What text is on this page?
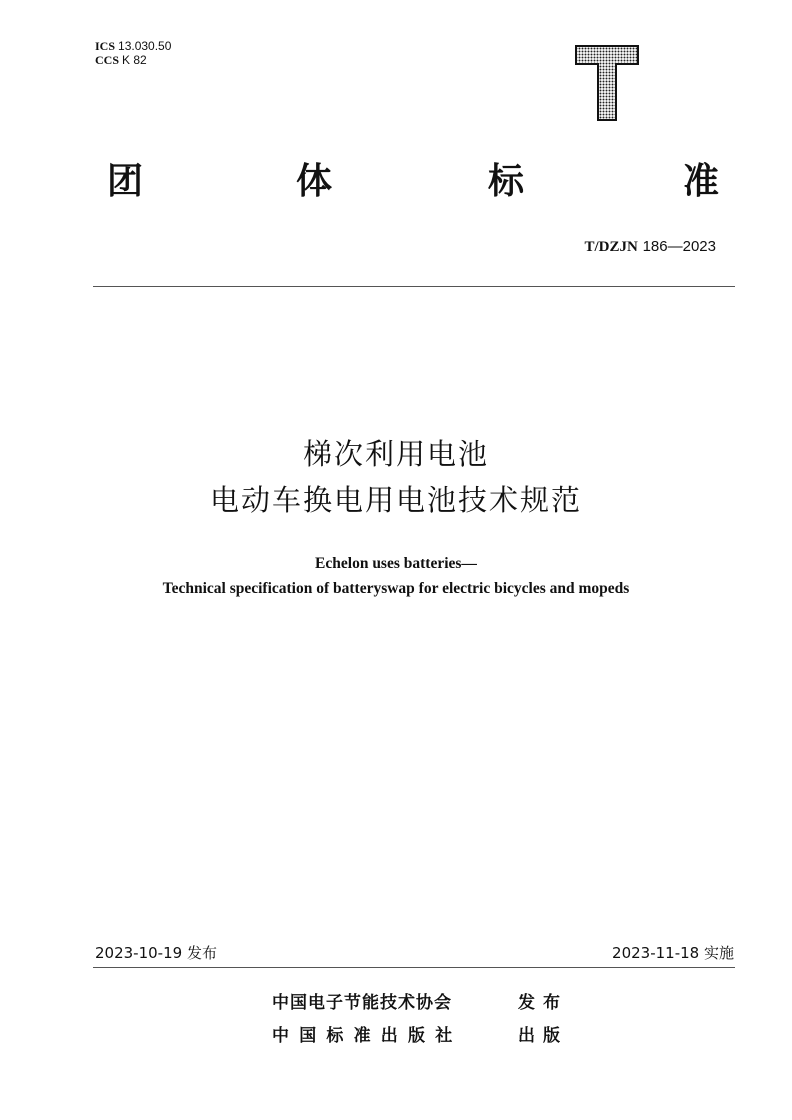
ICS 13.030.50
CCS K 82
团	体	标	准
T/DZJN 186—2023
梯次利用电池
电动车换电用电池技术规范
Echelon uses batteries—
Technical specification of batteryswap for electric bicycles and mopeds
2023-10-19 发布	2023-11-18 实施
中国电子节能技术协会	发布
中国标准出版社	出版
